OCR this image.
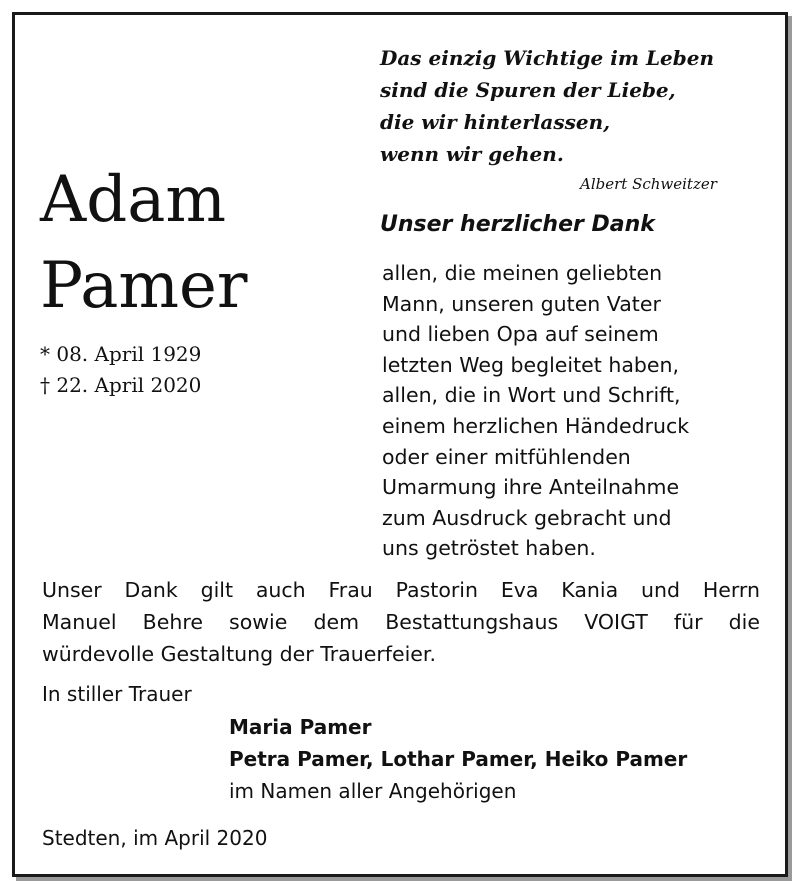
Das einzig Wichtige im Leben
sind die Spuren der Liebe,
die wir hinterlassen,
wenn wir gehen.
Albert Schweitzer
Adam
Pamer
* 08. April 1929
† 22. April 2020
Unser herzlicher Dank
allen, die meinen geliebten
Mann, unseren guten Vater
und lieben Opa auf seinem
letzten Weg begleitet haben,
allen, die in Wort und Schrift,
einem herzlichen Händedruck
oder einer mitfühlenden
Umarmung ihre Anteilnahme
zum Ausdruck gebracht und
uns getröstet haben.
Unser Dank gilt auch Frau Pastorin Eva Kania und Herrn
Manuel Behre sowie dem Bestattungshaus VOIGT für die
würdevolle Gestaltung der Trauerfeier.
In stiller Trauer
Maria Pamer
Petra Pamer, Lothar Pamer, Heiko Pamer
im Namen aller Angehörigen
Stedten, im April 2020
